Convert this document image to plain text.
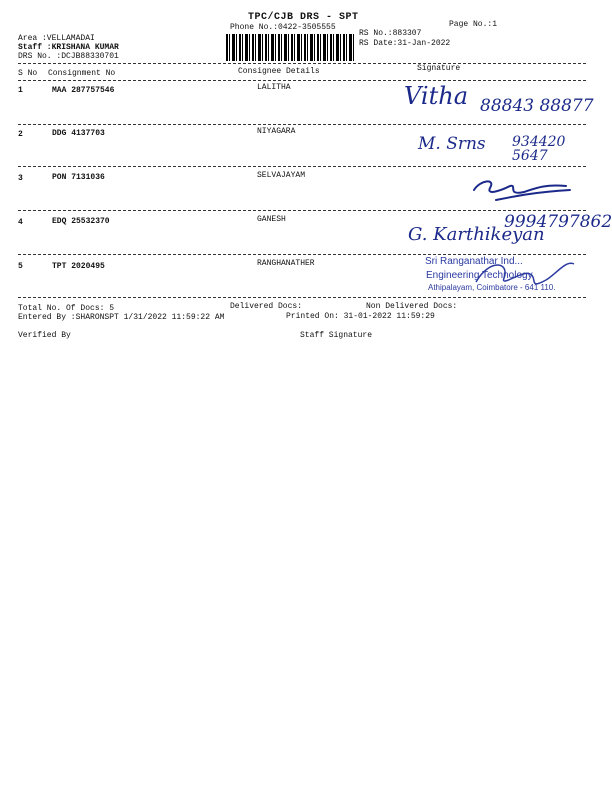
TPC/CJB DRS - SPT
Phone No.:0422-3505555	Page No.:1
RS No.:883307
RS Date:31-Jan-2022
Area :VELLAMADAI
Staff :KRISHANA KUMAR
DRS No. :DCJB88330701
S No Consignment No	Consignee Details	Signature
1	MAA 287757546	LALITHA
2	DDG 4137703	NIYAGARA
3	PON 7131036	SELVAJAYAM
4	EDQ 25532370	GANESH
5	TPT 2020495	RANGHANATHER
Vitha 88843 88877
M. Srns 934420 5647
9994797862
G. Karthikeyan
Sri Ranganathar Ind...
Engineering Technology
Athipalayam, Coimbatore - 641 110.
Total No. Of Docs: 5	Delivered Docs:	Non Delivered Docs:
Entered By :SHARONSPT 1/31/2022 11:59:22 AM	Printed On: 31-01-2022 11:59:29
Verified By	Staff Signature
